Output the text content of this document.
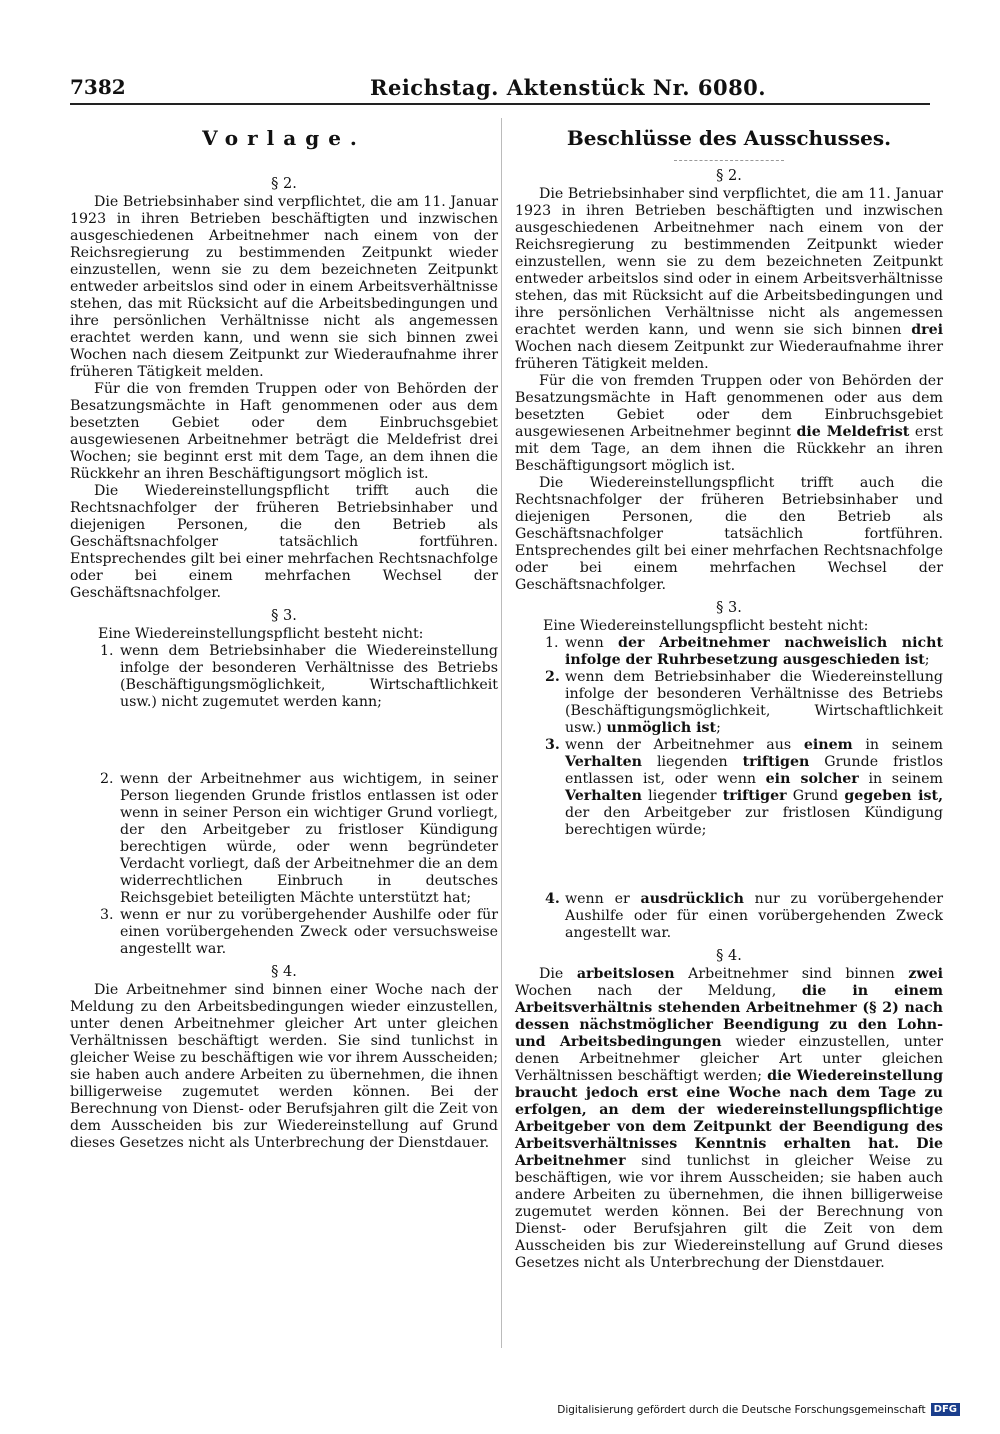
7382	Reichstag. Aktenstück Nr. 6080.
Vorlage.
§ 2.

Die Betriebsinhaber sind verpflichtet, die am 11. Januar 1923 in ihren Betrieben beschäftigten und inzwischen ausgeschiedenen Arbeitnehmer nach einem von der Reichsregierung zu bestimmenden Zeitpunkt wieder einzustellen, wenn sie zu dem bezeichneten Zeitpunkt entweder arbeitslos sind oder in einem Arbeitsverhältnisse stehen, das mit Rücksicht auf die Arbeitsbedingungen und ihre persönlichen Verhältnisse nicht als angemessen erachtet werden kann, und wenn sie sich binnen zwei Wochen nach diesem Zeitpunkt zur Wiederaufnahme ihrer früheren Tätigkeit melden.

Für die von fremden Truppen oder von Behörden der Besatzungsmächte in Haft genommenen oder aus dem besetzten Gebiet oder dem Einbruchsgebiet ausgewiesenen Arbeitnehmer beträgt die Meldefrist drei Wochen; sie beginnt erst mit dem Tage, an dem ihnen die Rückkehr an ihren Beschäftigungsort möglich ist.

Die Wiedereinstellungspflicht trifft auch die Rechtsnachfolger der früheren Betriebsinhaber und diejenigen Personen, die den Betrieb als Geschäftsnachfolger tatsächlich fortführen. Entsprechendes gilt bei einer mehrfachen Rechtsnachfolge oder bei einem mehrfachen Wechsel der Geschäftsnachfolger.

§ 3.

Eine Wiedereinstellungspflicht besteht nicht:

1. wenn dem Betriebsinhaber die Wiedereinstellung infolge der besonderen Verhältnisse des Betriebs (Beschäftigungsmöglichkeit, Wirtschaftlichkeit usw.) nicht zugemutet werden kann;
2. wenn der Arbeitnehmer aus wichtigem, in seiner Person liegenden Grunde fristlos entlassen ist oder wenn in seiner Person ein wichtiger Grund vorliegt, der den Arbeitgeber zu fristloser Kündigung berechtigen würde, oder wenn begründeter Verdacht vorliegt, daß der Arbeitnehmer die an dem widerrechtlichen Einbruch in deutsches Reichsgebiet beteiligten Mächte unterstützt hat;
3. wenn er nur zu vorübergehender Aushilfe oder für einen vorübergehenden Zweck oder versuchsweise angestellt war.
§ 4.

Die Arbeitnehmer sind binnen einer Woche nach der Meldung zu den Arbeitsbedingungen wieder einzustellen, unter denen Arbeitnehmer gleicher Art unter gleichen Verhältnissen beschäftigt werden. Sie sind tunlichst in gleicher Weise zu beschäftigen wie vor ihrem Ausscheiden; sie haben auch andere Arbeiten zu übernehmen, die ihnen billigerweise zugemutet werden können. Bei der Berechnung von Dienst- oder Berufsjahren gilt die Zeit von dem Ausscheiden bis zur Wiedereinstellung auf Grund dieses Gesetzes nicht als Unterbrechung der Dienstdauer.

Beschlüsse des Ausschusses.
§ 2.

Die Betriebsinhaber sind verpflichtet, die am 11. Januar 1923 in ihren Betrieben beschäftigten und inzwischen ausgeschiedenen Arbeitnehmer nach einem von der Reichsregierung zu bestimmenden Zeitpunkt wieder einzustellen, wenn sie zu dem bezeichneten Zeitpunkt entweder arbeitslos sind oder in einem Arbeitsverhältnisse stehen, das mit Rücksicht auf die Arbeitsbedingungen und ihre persönlichen Verhältnisse nicht als angemessen erachtet werden kann, und wenn sie sich binnen drei Wochen nach diesem Zeitpunkt zur Wiederaufnahme ihrer früheren Tätigkeit melden.

Für die von fremden Truppen oder von Behörden der Besatzungsmächte in Haft genommenen oder aus dem besetzten Gebiet oder dem Einbruchsgebiet ausgewiesenen Arbeitnehmer beginnt die Meldefrist erst mit dem Tage, an dem ihnen die Rückkehr an ihren Beschäftigungsort möglich ist.

Die Wiedereinstellungspflicht trifft auch die Rechtsnachfolger der früheren Betriebsinhaber und diejenigen Personen, die den Betrieb als Geschäftsnachfolger tatsächlich fortführen. Entsprechendes gilt bei einer mehrfachen Rechtsnachfolge oder bei einem mehrfachen Wechsel der Geschäftsnachfolger.

§ 3.

Eine Wiedereinstellungspflicht besteht nicht:

1. wenn der Arbeitnehmer nachweislich nicht infolge der Ruhrbesetzung ausgeschieden ist;
2. wenn dem Betriebsinhaber die Wiedereinstellung infolge der besonderen Verhältnisse des Betriebs (Beschäftigungsmöglichkeit, Wirtschaftlichkeit usw.) unmöglich ist;
3. wenn der Arbeitnehmer aus einem in seinem Verhalten liegenden triftigen Grunde fristlos entlassen ist, oder wenn ein solcher in seinem Verhalten liegender triftiger Grund gegeben ist, der den Arbeitgeber zur fristlosen Kündigung berechtigen würde;
4. wenn er ausdrücklich nur zu vorübergehender Aushilfe oder für einen vorübergehenden Zweck angestellt war.
§ 4.

Die arbeitslosen Arbeitnehmer sind binnen zwei Wochen nach der Meldung, die in einem Arbeitsverhältnis stehenden Arbeitnehmer (§ 2) nach dessen nächstmöglicher Beendigung zu den Lohn- und Arbeitsbedingungen wieder einzustellen, unter denen Arbeitnehmer gleicher Art unter gleichen Verhältnissen beschäftigt werden; die Wiedereinstellung braucht jedoch erst eine Woche nach dem Tage zu erfolgen, an dem der wiedereinstellungspflichtige Arbeitgeber von dem Zeitpunkt der Beendigung des Arbeitsverhältnisses Kenntnis erhalten hat. Die Arbeitnehmer sind tunlichst in gleicher Weise zu beschäftigen, wie vor ihrem Ausscheiden; sie haben auch andere Arbeiten zu übernehmen, die ihnen billigerweise zugemutet werden können. Bei der Berechnung von Dienst- oder Berufsjahren gilt die Zeit von dem Ausscheiden bis zur Wiedereinstellung auf Grund dieses Gesetzes nicht als Unterbrechung der Dienstdauer.

Digitalisierung gefördert durch die Deutsche Forschungsgemeinschaft DFG
